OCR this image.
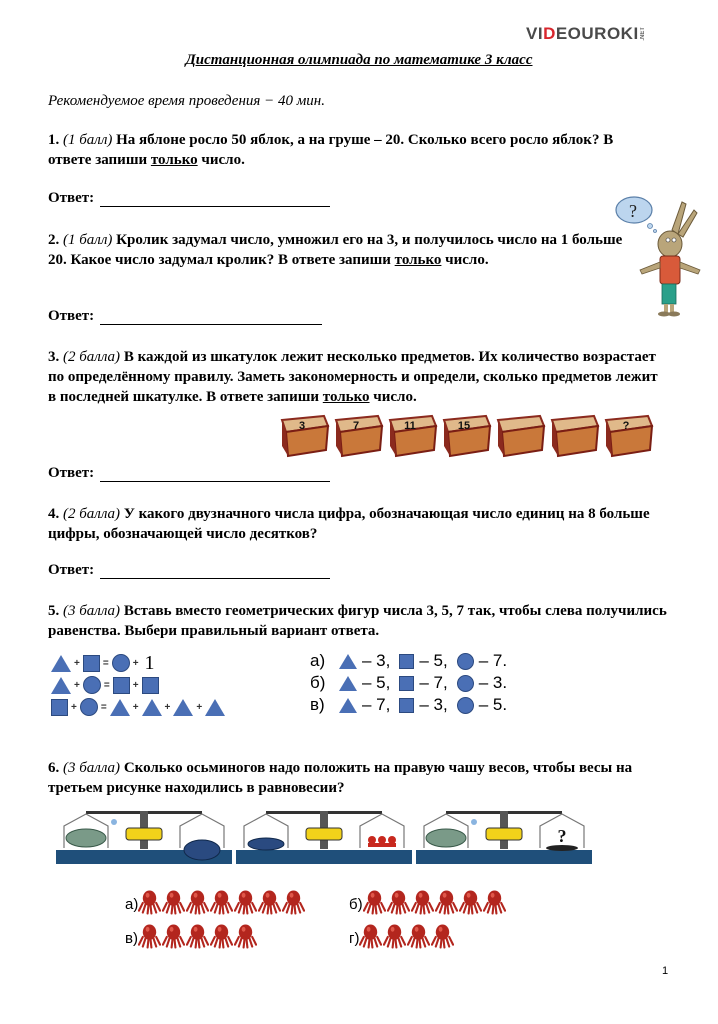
VI D EOUROKI .NET
Дистанционная олимпиада по математике 3 класс
Рекомендуемое время проведения − 40 мин.
1. (1 балл) На яблоне росло 50 яблок, а на груше – 20. Сколько всего росло яблок? В ответе запиши только число.
Ответ:
2. (1 балл) Кролик задумал число, умножил его на 3, и получилось число на 1 больше 20. Какое число задумал кролик? В ответе запиши только число.
Ответ:
?
3. (2 балла) В каждой из шкатулок лежит несколько предметов. Их количество возрастает по определённому правилу. Заметь закономерность и определи, сколько предметов лежит в последней шкатулке. В ответе запиши только число.
3	7	11	15	?
Ответ:
4. (2 балла) У какого двузначного числа цифра, обозначающая число единиц на 8 больше цифры, обозначающей число десятков?
Ответ:
5. (3 балла) Вставь вместо геометрических фигур числа 3, 5, 7 так, чтобы слева получились равенства. Выбери правильный вариант ответа.
+ = + 1
+ = +
+ =	+	+	+
а)	– 3, – 5, – 7.
б)	– 5, – 7, – 3.
в)	– 7, – 3, – 5.
6. (3 балла) Сколько осьминогов надо положить на правую чашу весов, чтобы весы на третьем рисунке находились в равновесии?
?
а)	б)
в)	г)
1
